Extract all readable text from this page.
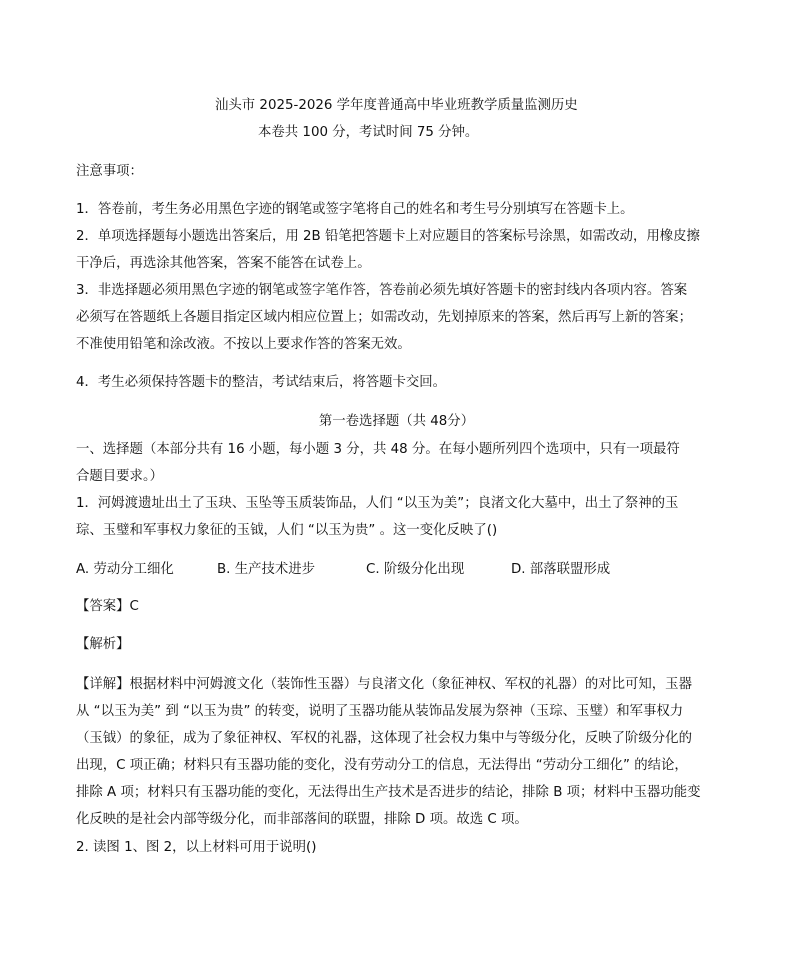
汕头市 2025-2026 学年度普通高中毕业班教学质量监测历史
本卷共 100 分，考试时间 75 分钟。
注意事项：
1．答卷前，考生务必用黑色字迹的钢笔或签字笔将自己的姓名和考生号分别填写在答题卡上。
2．单项选择题每小题选出答案后，用 2B 铅笔把答题卡上对应题目的答案标号涂黑，如需改动，用橡皮擦
干净后，再选涂其他答案，答案不能答在试卷上。
3．非选择题必须用黑色字迹的钢笔或签字笔作答，答卷前必须先填好答题卡的密封线内各项内容。答案
必须写在答题纸上各题目指定区域内相应位置上；如需改动，先划掉原来的答案，然后再写上新的答案；
不准使用铅笔和涂改液。不按以上要求作答的答案无效。
4．考生必须保持答题卡的整洁，考试结束后，将答题卡交回。
第一卷选择题（共 48分）
一、选择题（本部分共有 16 小题，每小题 3 分，共 48 分。在每小题所列四个选项中，只有一项最符
合题目要求。）
1．河姆渡遗址出土了玉玦、玉坠等玉质装饰品，人们 “以玉为美”；良渚文化大墓中，出土了祭神的玉
琮、玉璧和军事权力象征的玉钺，人们 “以玉为贵” 。这一变化反映了()
A. 劳动分工细化	B. 生产技术进步	C. 阶级分化出现	D. 部落联盟形成
【答案】C
【解析】
【详解】根据材料中河姆渡文化（装饰性玉器）与良渚文化（象征神权、军权的礼器）的对比可知，玉器
从 “以玉为美” 到 “以玉为贵” 的转变，说明了玉器功能从装饰品发展为祭神（玉琮、玉璧）和军事权力
（玉钺）的象征，成为了象征神权、军权的礼器，这体现了社会权力集中与等级分化，反映了阶级分化的
出现，C 项正确；材料只有玉器功能的变化，没有劳动分工的信息，无法得出 “劳动分工细化” 的结论，
排除 A 项；材料只有玉器功能的变化，无法得出生产技术是否进步的结论，排除 B 项；材料中玉器功能变
化反映的是社会内部等级分化，而非部落间的联盟，排除 D 项。故选 C 项。
2. 读图 1、图 2，以上材料可用于说明()
